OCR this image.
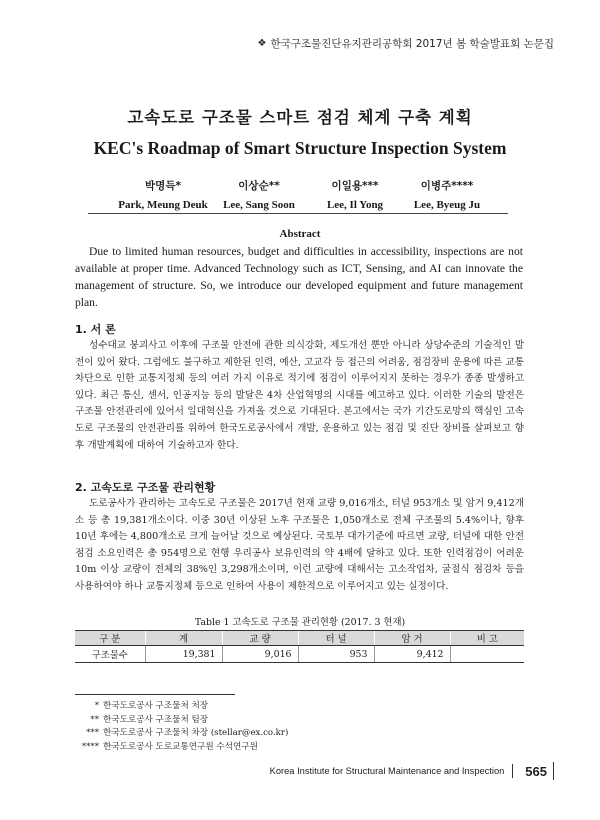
❖ 한국구조물진단유지관리공학회 2017년 봄 학술발표회 논문집
고속도로 구조물 스마트 점검 체계 구축 계획
KEC's Roadmap of Smart Structure Inspection System
박명득*
Park, Meung Deuk
이상순**
Lee, Sang Soon
이일용***
Lee, Il Yong
이병주****
Lee, Byeug Ju
Abstract
Due to limited human resources, budget and difficulties in accessibility, inspections are not available at proper time. Advanced Technology such as ICT, Sensing, and AI can innovate the management of structure. So, we introduce our developed equipment and future management plan.
1. 서 론
성수대교 붕괴사고 이후에 구조물 안전에 관한 의식강화, 제도개선 뿐만 아니라 상당수준의 기술적인 발전이 있어 왔다. 그럼에도 불구하고 제한된 인력, 예산, 고교각 등 접근의 어려움, 점검장비 운용에 따른 교통차단으로 인한 교통지정체 등의 여러 가지 이유로 적기에 점검이 이루어지지 못하는 경우가 종종 발생하고 있다. 최근 통신, 센서, 인공지능 등의 발달은 4차 산업혁명의 시대를 예고하고 있다. 이러한 기술의 발전은 구조물 안전관리에 있어서 일대혁신을 가져올 것으로 기대된다. 본고에서는 국가 기간도로망의 핵심인 고속도로 구조물의 안전관리를 위하여 한국도로공사에서 개발, 운용하고 있는 점검 및 진단 장비를 살펴보고 향후 개발계획에 대하여 기술하고자 한다.
2. 고속도로 구조물 관리현황
도로공사가 관리하는 고속도로 구조물은 2017년 현재 교량 9,016개소, 터널 953개소 및 암거 9,412개소 등 총 19,381개소이다. 이중 30년 이상된 노후 구조물은 1,050개소로 전체 구조물의 5.4%이나, 향후 10년 후에는 4,800개소로 크게 늘어날 것으로 예상된다. 국토부 대가기준에 따르면 교량, 터널에 대한 안전점검 소요인력은 총 954명으로 현행 우리공사 보유인력의 약 4배에 달하고 있다. 또한 인력점검이 어려운 10m 이상 교량이 전체의 38%인 3,298개소이며, 이런 교량에 대해서는 고소작업차, 굴절식 점검차 등을 사용하여야 하나 교통지정체 등으로 인하여 사용이 제한적으로 이루어지고 있는 실정이다.
Table 1 고속도로 구조물 관리현황 (2017. 3 현재)
구 분	계	교 량	터 널	암 거	비 고
구조물수	19,381	9,016	953	9,412	
* 한국도로공사 구조물처 처장
** 한국도로공사 구조물처 팀장
*** 한국도로공사 구조물처 차장 (stellar@ex.co.kr)
**** 한국도로공사 도로교통연구원 수석연구원
Korea Institute for Structural Maintenance and Inspection 565
